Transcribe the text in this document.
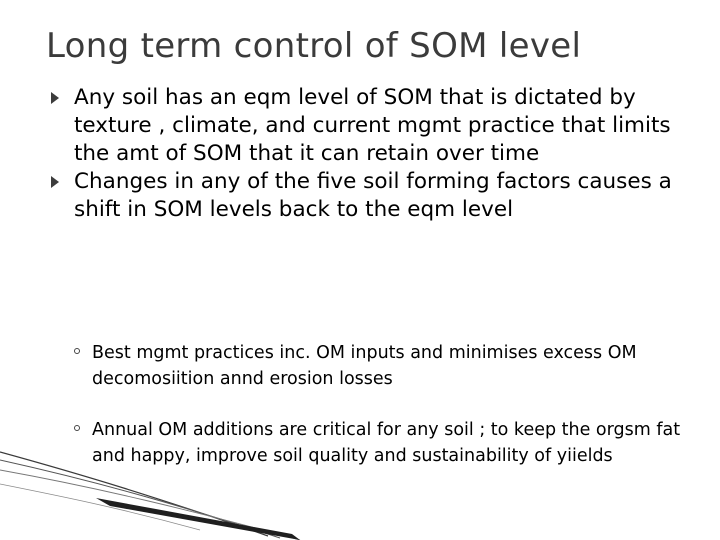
Long term control of SOM level
Any soil has an eqm level of SOM that is dictated by texture , climate, and current mgmt practice that limits the amt of SOM that it can retain over time
Changes in any of the five soil forming factors causes a shift in SOM levels back to the eqm level
Best mgmt practices inc. OM inputs and minimises excess OM decomosiition annd erosion losses
Annual OM additions are critical for any soil ; to keep the orgsm fat and happy, improve soil quality and sustainability of yiields
